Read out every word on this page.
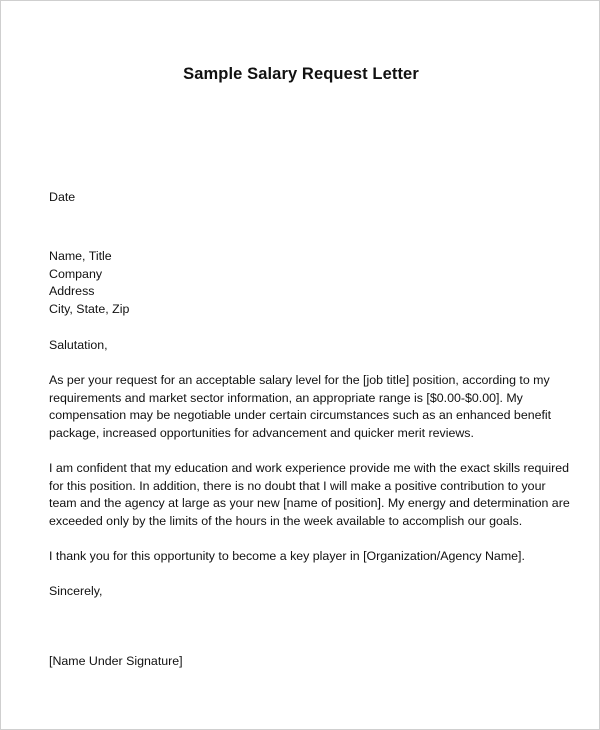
Sample Salary Request Letter
Date
Name, Title
Company
Address
City, State, Zip
Salutation,
As per your request for an acceptable salary level for the [job title] position, according to my
requirements and market sector information, an appropriate range is [$0.00-$0.00]. My
compensation may be negotiable under certain circumstances such as an enhanced benefit
package, increased opportunities for advancement and quicker merit reviews.
I am confident that my education and work experience provide me with the exact skills required
for this position. In addition, there is no doubt that I will make a positive contribution to your
team and the agency at large as your new [name of position]. My energy and determination are
exceeded only by the limits of the hours in the week available to accomplish our goals.
I thank you for this opportunity to become a key player in [Organization/Agency Name].
Sincerely,
[Name Under Signature]
